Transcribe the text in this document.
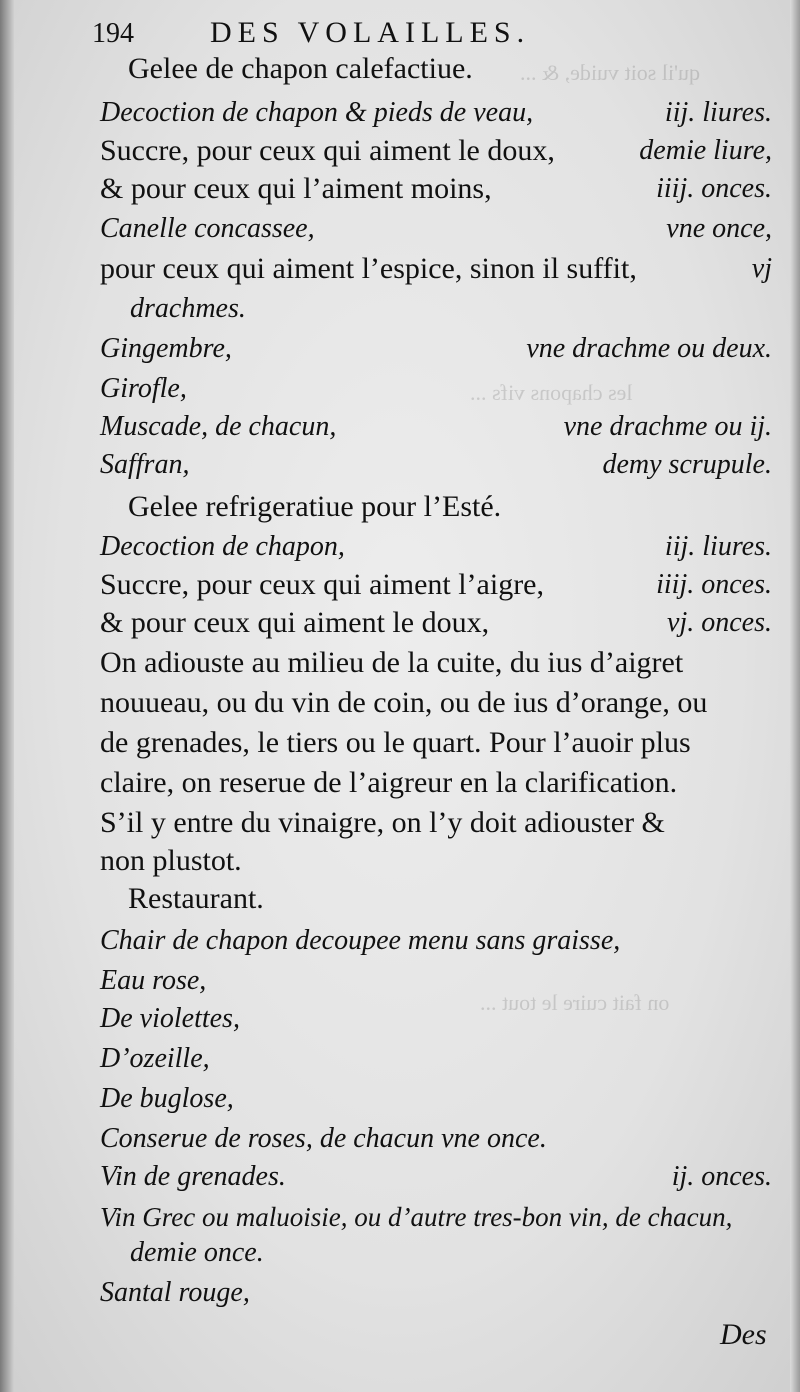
qu'il soit vuide, & ...
les chapons vifs ...
on fait cuire le tout ...
194	DES VOLAILLES.
Gelee de chapon calefactiue.
Decoction de chapon & pieds de veau,	iij. liures.
Succre, pour ceux qui aiment le doux,	demie liure,
& pour ceux qui l’aiment moins,	iiij. onces.
Canelle concassee,	vne once,
pour ceux qui aiment l’espice, sinon il suffit,	vj
drachmes.
Gingembre,	vne drachme ou deux.
Girofle,
Muscade, de chacun,	vne drachme ou ij.
Saffran,	demy scrupule.
Gelee refrigeratiue pour l’Esté.
Decoction de chapon,	iij. liures.
Succre, pour ceux qui aiment l’aigre,	iiij. onces.
& pour ceux qui aiment le doux,	vj. onces.
On adiouste au milieu de la cuite, du ius d’aigret
nouueau, ou du vin de coin, ou de ius d’orange, ou
de grenades, le tiers ou le quart. Pour l’auoir plus
claire, on reserue de l’aigreur en la clarification.
S’il y entre du vinaigre, on l’y doit adiouster &
non plustot.
Restaurant.
Chair de chapon decoupee menu sans graisse,
Eau rose,
De violettes,
D’ozeille,
De buglose,
Conserue de roses, de chacun vne once.
Vin de grenades.	ij. onces.
Vin Grec ou maluoisie, ou d’autre tres-bon vin, de chacun,
demie once.
Santal rouge,
Des
